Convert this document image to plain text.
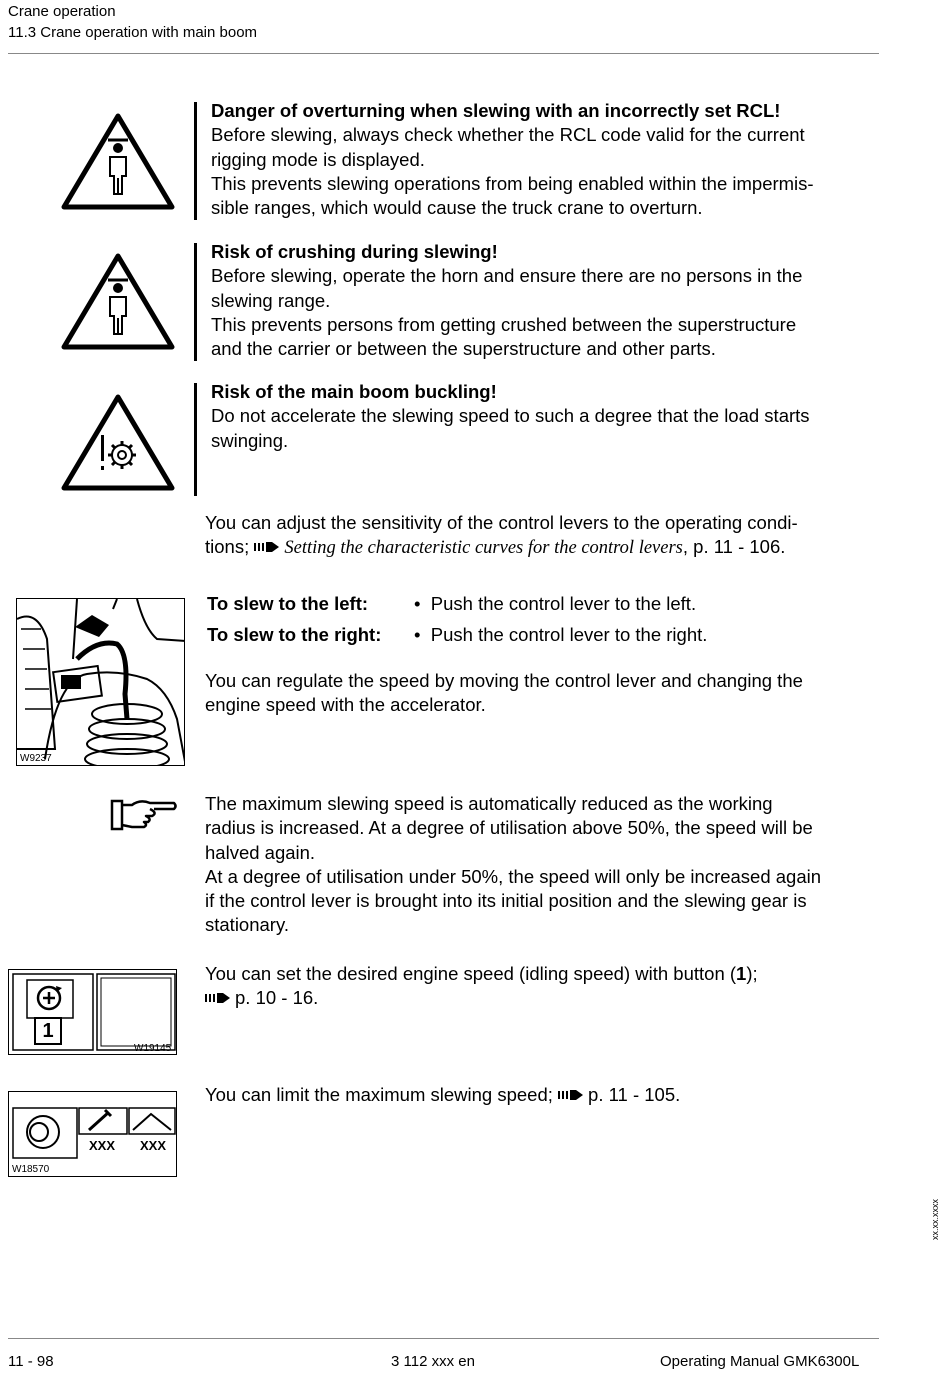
Crane operation
11.3 Crane operation with main boom
Danger of overturning when slewing with an incorrectly set RCL!
Before slewing, always check whether the RCL code valid for the current
rigging mode is displayed.
This prevents slewing operations from being enabled within the impermis-
sible ranges, which would cause the truck crane to overturn.
Risk of crushing during slewing!
Before slewing, operate the horn and ensure there are no persons in the
slewing range.
This prevents persons from getting crushed between the superstructure
and the carrier or between the superstructure and other parts.
Risk of the main boom buckling!
Do not accelerate the slewing speed to such a degree that the load starts
swinging.
You can adjust the sensitivity of the control levers to the operating condi-
tions; Setting the characteristic curves for the control levers, p. 11 - 106.
W9237
To slew to the left: • Push the control lever to the left.
To slew to the right: • Push the control lever to the right.
You can regulate the speed by moving the control lever and changing the
engine speed with the accelerator.
The maximum slewing speed is automatically reduced as the working
radius is increased. At a degree of utilisation above 50%, the speed will be
halved again.
At a degree of utilisation under 50%, the speed will only be increased again
if the control lever is brought into its initial position and the slewing gear is
stationary.
1
W19145
You can set the desired engine speed (idling speed) with button (1);
p. 10 - 16.
XXX XXX
W18570
You can limit the maximum slewing speed; p. 11 - 105.
xx.xx.xxxx
11 - 98	3 112 xxx en	Operating Manual GMK6300L
